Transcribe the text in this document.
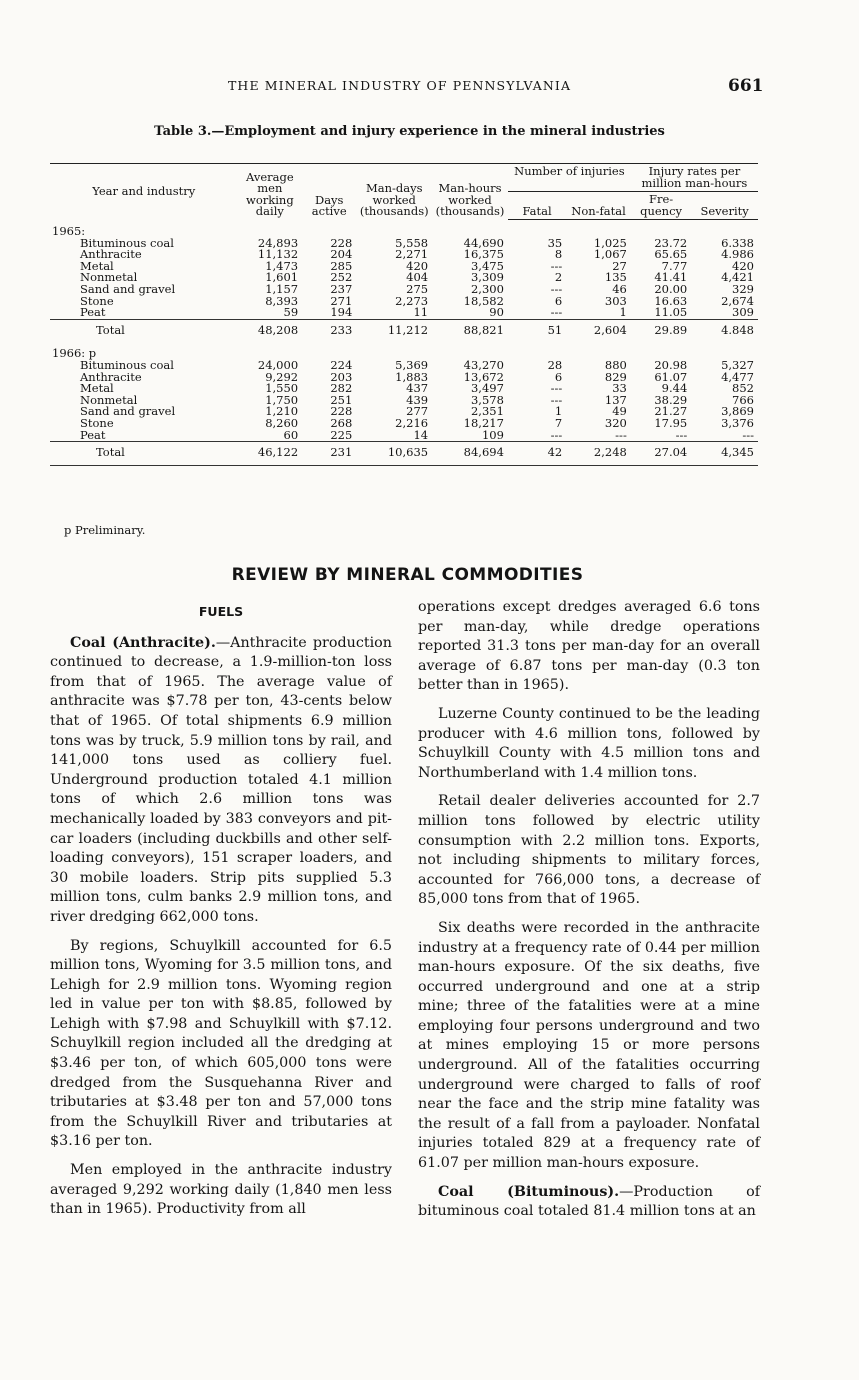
THE MINERAL INDUSTRY OF PENNSYLVANIA	661
Table 3.—Employment and injury experience in the mineral industries
Year and industry	Average men working daily	Days active	Man-days worked (thousands)	Man-hours worked (thousands)	Number of injuries		Injury rates per million man-hours	
					Fatal	Non-fatal	Fre-quency	Severity
1965:								
Bituminous coal	24,893	228	5,558	44,690	35	1,025	23.72	6.338
Anthracite	11,132	204	2,271	16,375	8	1,067	65.65	4.986
Metal	1,473	285	420	3,475	---	27	7.77	420
Nonmetal	1,601	252	404	3,309	2	135	41.41	4,421
Sand and gravel	1,157	237	275	2,300	---	46	20.00	329
Stone	8,393	271	2,273	18,582	6	303	16.63	2,674
Peat	59	194	11	90	---	1	11.05	309
Total	48,208	233	11,212	88,821	51	2,604	29.89	4.848
1966: p								
Bituminous coal	24,000	224	5,369	43,270	28	880	20.98	5,327
Anthracite	9,292	203	1,883	13,672	6	829	61.07	4,477
Metal	1,550	282	437	3,497	---	33	9.44	852
Nonmetal	1,750	251	439	3,578	---	137	38.29	766
Sand and gravel	1,210	228	277	2,351	1	49	21.27	3,869
Stone	8,260	268	2,216	18,217	7	320	17.95	3,376
Peat	60	225	14	109	---	---	---	---
Total	46,122	231	10,635	84,694	42	2,248	27.04	4,345
p Preliminary.
REVIEW BY MINERAL COMMODITIES
FUELS

Coal (Anthracite).—Anthracite production continued to decrease, a 1.9-million-ton loss from that of 1965. The average value of anthracite was $7.78 per ton, 43-cents below that of 1965. Of total shipments 6.9 million tons was by truck, 5.9 million tons by rail, and 141,000 tons used as colliery fuel. Underground production totaled 4.1 million tons of which 2.6 million tons was mechanically loaded by 383 conveyors and pit-car loaders (including duckbills and other self-loading conveyors), 151 scraper loaders, and 30 mobile loaders. Strip pits supplied 5.3 million tons, culm banks 2.9 million tons, and river dredging 662,000 tons.

By regions, Schuylkill accounted for 6.5 million tons, Wyoming for 3.5 million tons, and Lehigh for 2.9 million tons. Wyoming region led in value per ton with $8.85, followed by Lehigh with $7.98 and Schuylkill with $7.12. Schuylkill region included all the dredging at $3.46 per ton, of which 605,000 tons were dredged from the Susquehanna River and tributaries at $3.48 per ton and 57,000 tons from the Schuylkill River and tributaries at $3.16 per ton.

Men employed in the anthracite industry averaged 9,292 working daily (1,840 men less than in 1965). Productivity from all

operations except dredges averaged 6.6 tons per man-day, while dredge operations reported 31.3 tons per man-day for an overall average of 6.87 tons per man-day (0.3 ton better than in 1965).

Luzerne County continued to be the leading producer with 4.6 million tons, followed by Schuylkill County with 4.5 million tons and Northumberland with 1.4 million tons.

Retail dealer deliveries accounted for 2.7 million tons followed by electric utility consumption with 2.2 million tons. Exports, not including shipments to military forces, accounted for 766,000 tons, a decrease of 85,000 tons from that of 1965.

Six deaths were recorded in the anthracite industry at a frequency rate of 0.44 per million man-hours exposure. Of the six deaths, five occurred underground and one at a strip mine; three of the fatalities were at a mine employing four persons underground and two at mines employing 15 or more persons underground. All of the fatalities occurring underground were charged to falls of roof near the face and the strip mine fatality was the result of a fall from a payloader. Nonfatal injuries totaled 829 at a frequency rate of 61.07 per million man-hours exposure.

Coal (Bituminous).—Production of bituminous coal totaled 81.4 million tons at an
